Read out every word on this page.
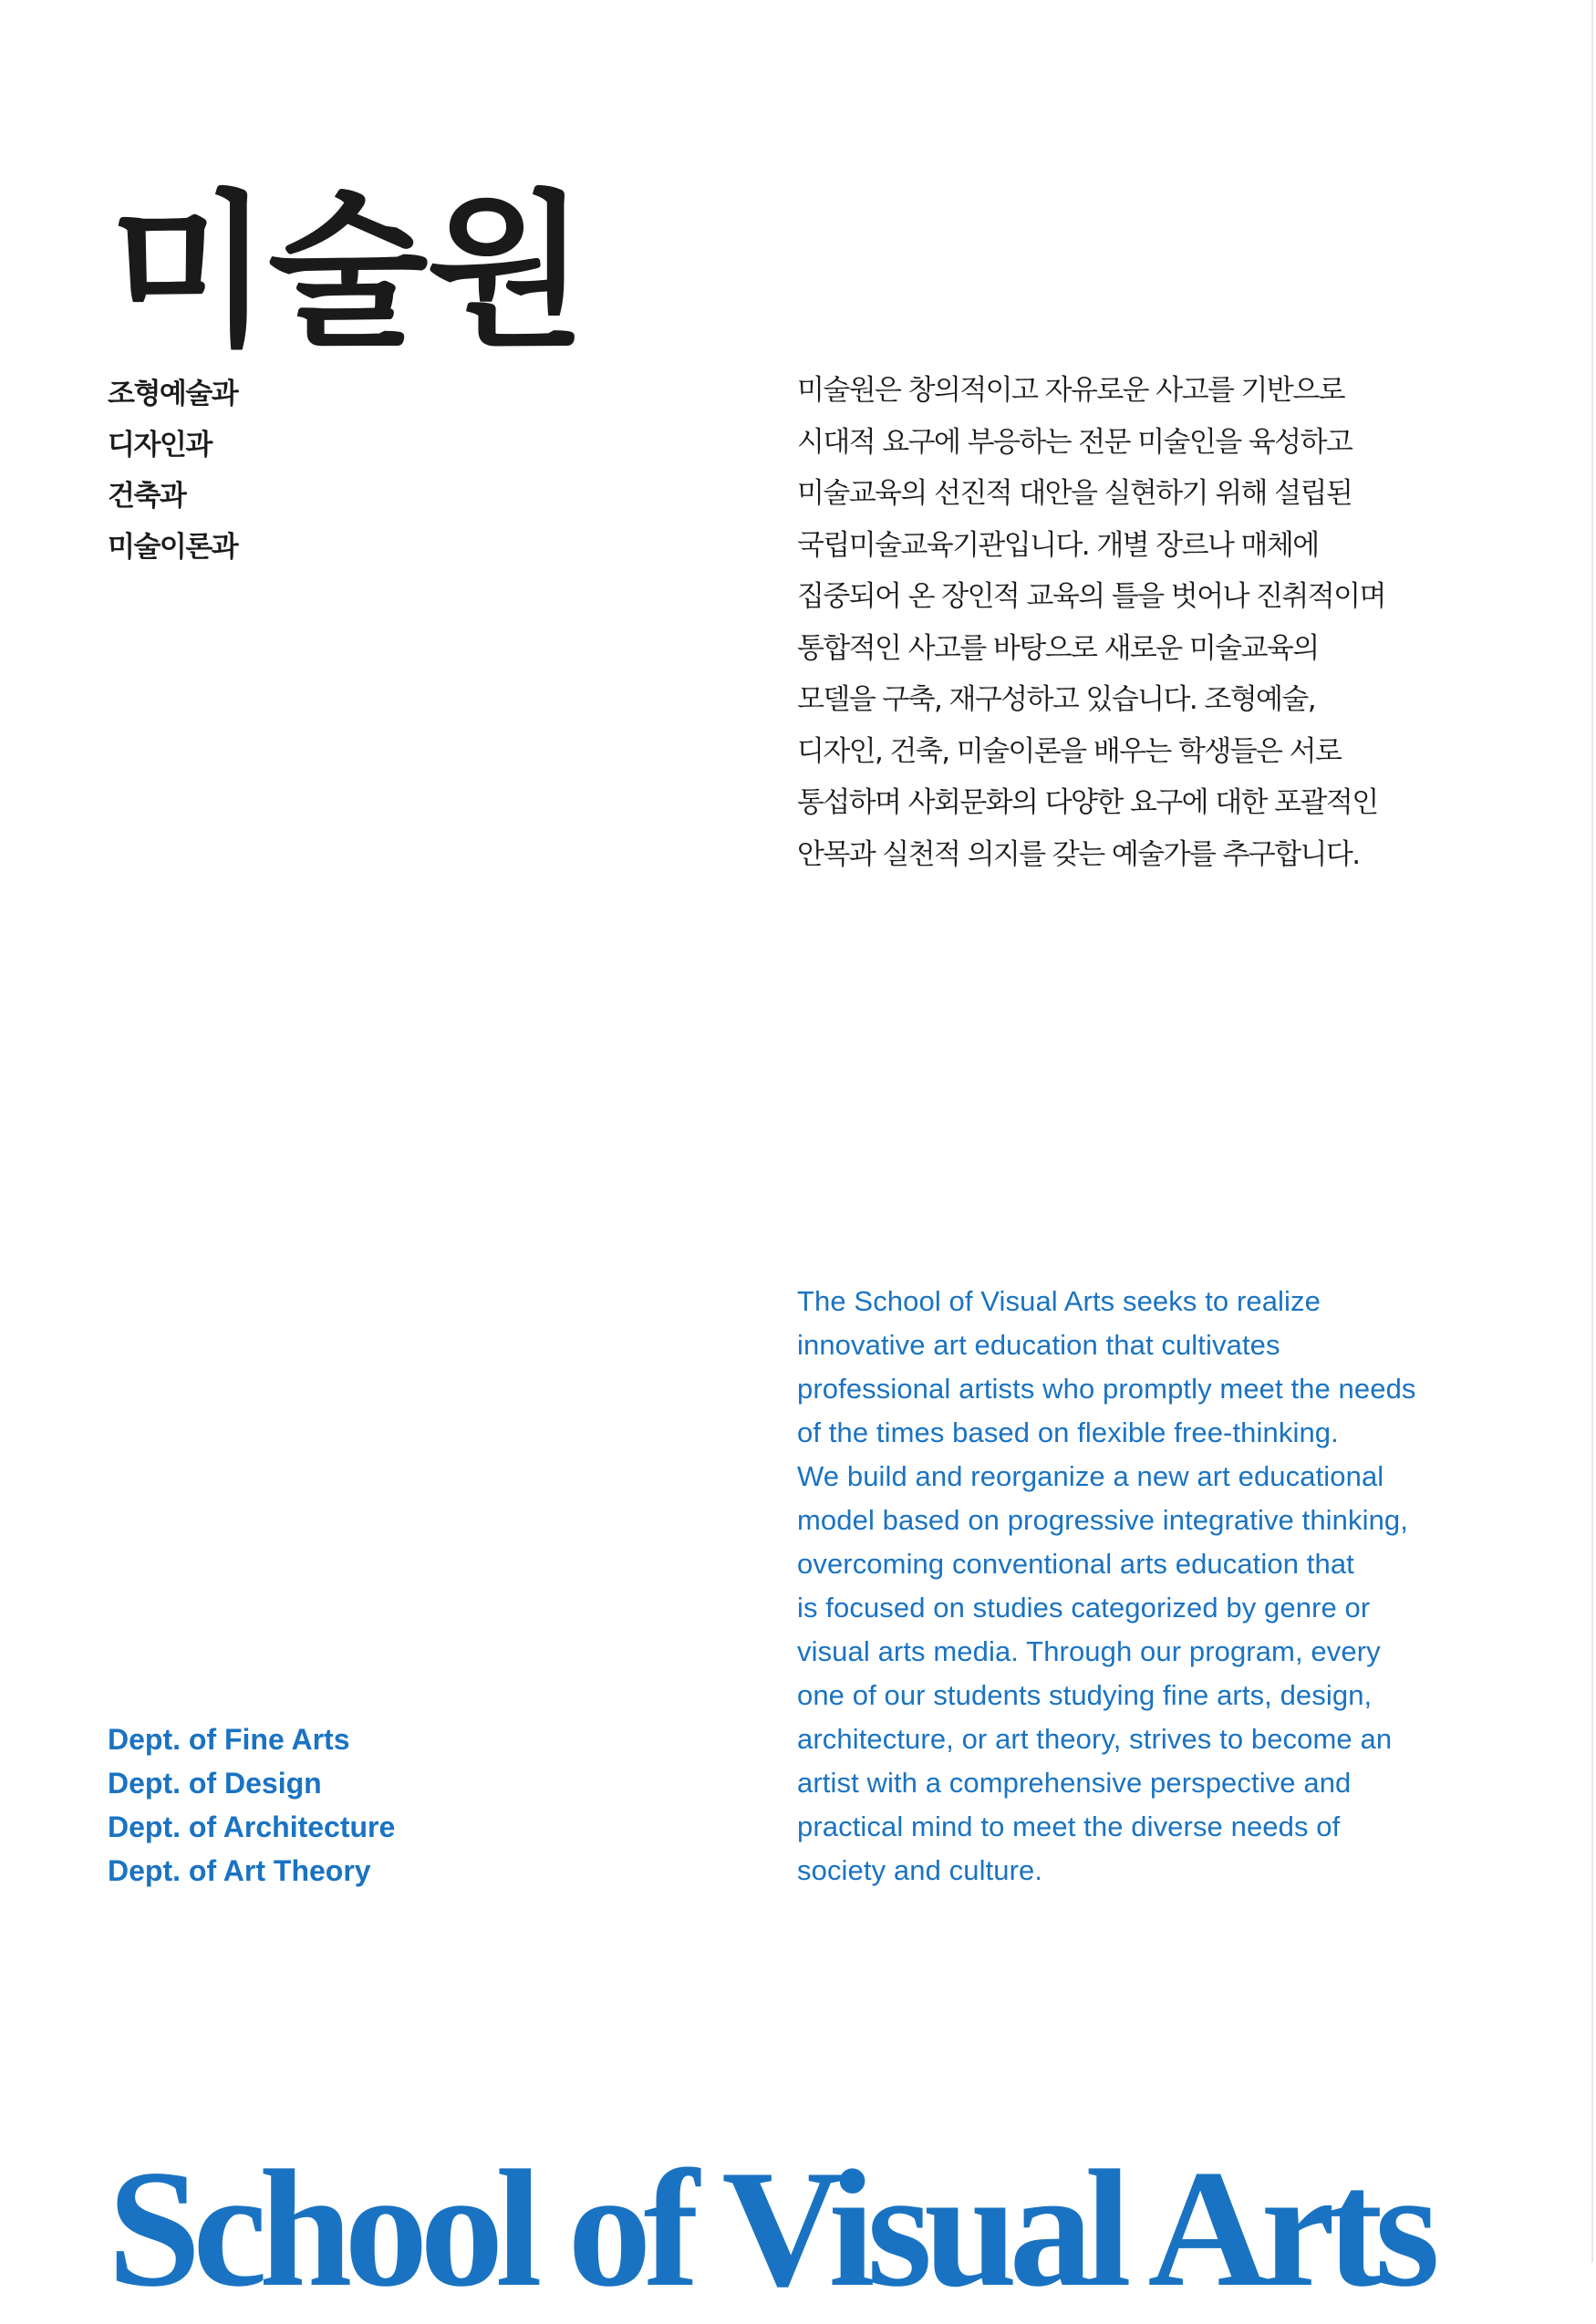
미술원
조형예술과
디자인과
건축과
미술이론과

미술원은 창의적이고 자유로운 사고를 기반으로
시대적 요구에 부응하는 전문 미술인을 육성하고
미술교육의 선진적 대안을 실현하기 위해 설립된
국립미술교육기관입니다. 개별 장르나 매체에
집중되어 온 장인적 교육의 틀을 벗어나 진취적이며
통합적인 사고를 바탕으로 새로운 미술교육의
모델을 구축, 재구성하고 있습니다. 조형예술,
디자인, 건축, 미술이론을 배우는 학생들은 서로
통섭하며 사회문화의 다양한 요구에 대한 포괄적인
안목과 실천적 의지를 갖는 예술가를 추구합니다.

The School of Visual Arts seeks to realize
innovative art education that cultivates
professional artists who promptly meet the needs
of the times based on flexible free-thinking.
We build and reorganize a new art educational
model based on progressive integrative thinking,
overcoming conventional arts education that
is focused on studies categorized by genre or
visual arts media. Through our program, every
one of our students studying fine arts, design,
architecture, or art theory, strives to become an
artist with a comprehensive perspective and
practical mind to meet the diverse needs of
society and culture.

Dept. of Fine Arts
Dept. of Design
Dept. of Architecture
Dept. of Art Theory
School of Visual Arts
